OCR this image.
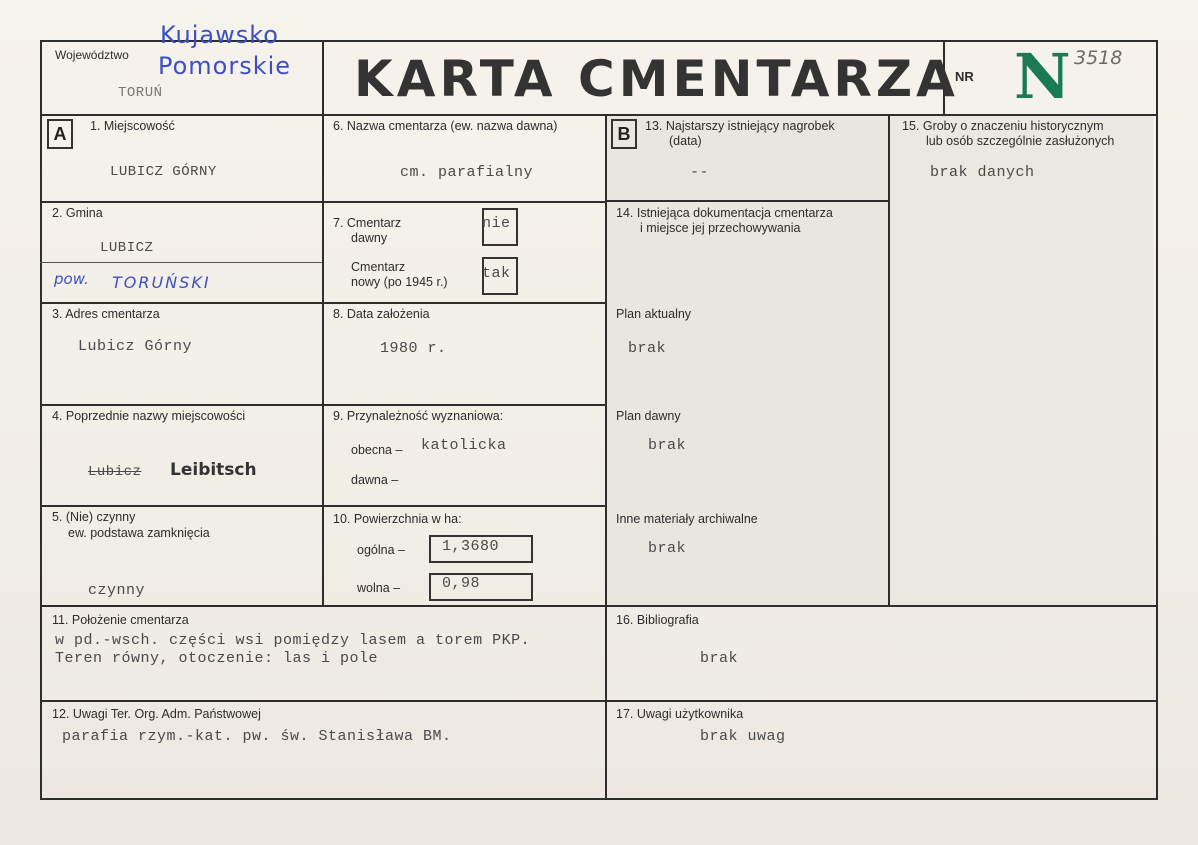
Województwo
Kujawsko
Pomorskie
TORUŃ	KARTA CMENTARZA
NR N 3518
A	1. Miejscowość
LUBICZ GÓRNY
2. Gmina
LUBICZ
pow. TORUŃSKI
3. Adres cmentarza
Lubicz Górny
4. Poprzednie nazwy miejscowości
Lubicz Leibitsch
5. (Nie) czynny
ew. podstawa zamknięcia
czynny
6. Nazwa cmentarza (ew. nazwa dawna)
cm. parafialny
7. Cmentarz
dawny
nie
Cmentarz
nowy (po 1945 r.) tak
8. Data założenia
1980 r.
9. Przynależność wyznaniowa:
obecna – katolicka
dawna –
10. Powierzchnia w ha:
ogólna – 1,3680
wolna –	0,98
B	13. Najstarszy istniejący nagrobek
(data)
--
14. Istniejąca dokumentacja cmentarza
i miejsce jej przechowywania
Plan aktualny
brak
Plan dawny
brak
Inne materiały archiwalne
brak
15. Groby o znaczeniu historycznym
lub osób szczególnie zasłużonych
brak danych
11. Położenie cmentarza
w pd.-wsch. części wsi pomiędzy lasem a torem PKP.
Teren równy, otoczenie: las i pole
16. Bibliografia
brak
12. Uwagi Ter. Org. Adm. Państwowej
parafia rzym.-kat. pw. św. Stanisława BM.
17. Uwagi użytkownika
brak uwag
